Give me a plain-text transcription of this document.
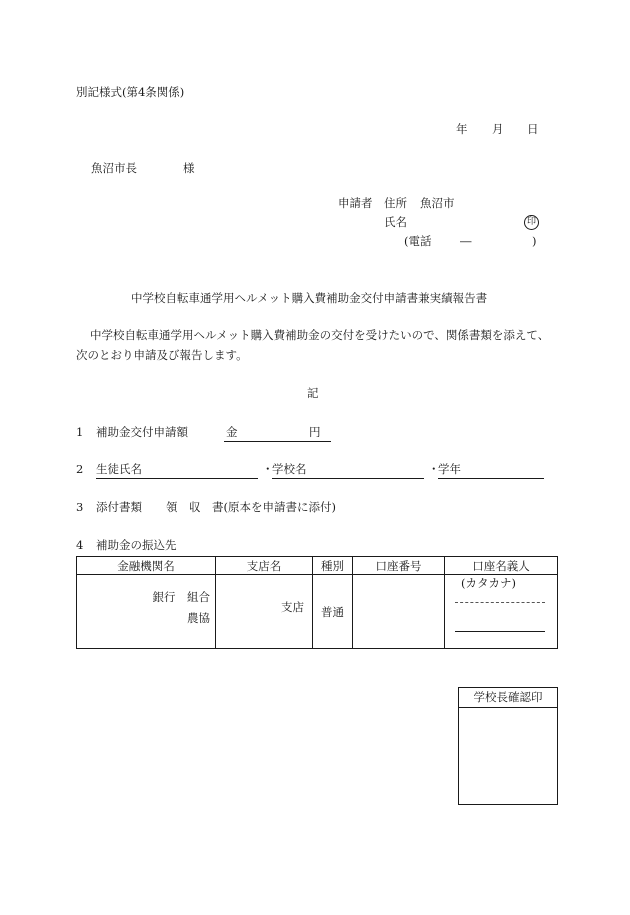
別記様式(第4条関係)
年 月 日
魚沼市長	様
申請者 住所 魚沼市
氏名	印
(電話 ―	)
中学校自転車通学用ヘルメット購入費補助金交付申請書兼実績報告書
中学校自転車通学用ヘルメット購入費補助金の交付を受けたいので、関係書類を添えて、
次のとおり申請及び報告します。
記
1 補助金交付申請額	金	円
2 生徒氏名	・
学校名	・
学年
3 添付書類 領　収　書(原本を申請書に添付)
4 補助金の振込先
金融機関名	支店名	種別	口座番号	口座名義人

銀行　組合
農協	支店	普通		(カタカナ)
学校長確認印
